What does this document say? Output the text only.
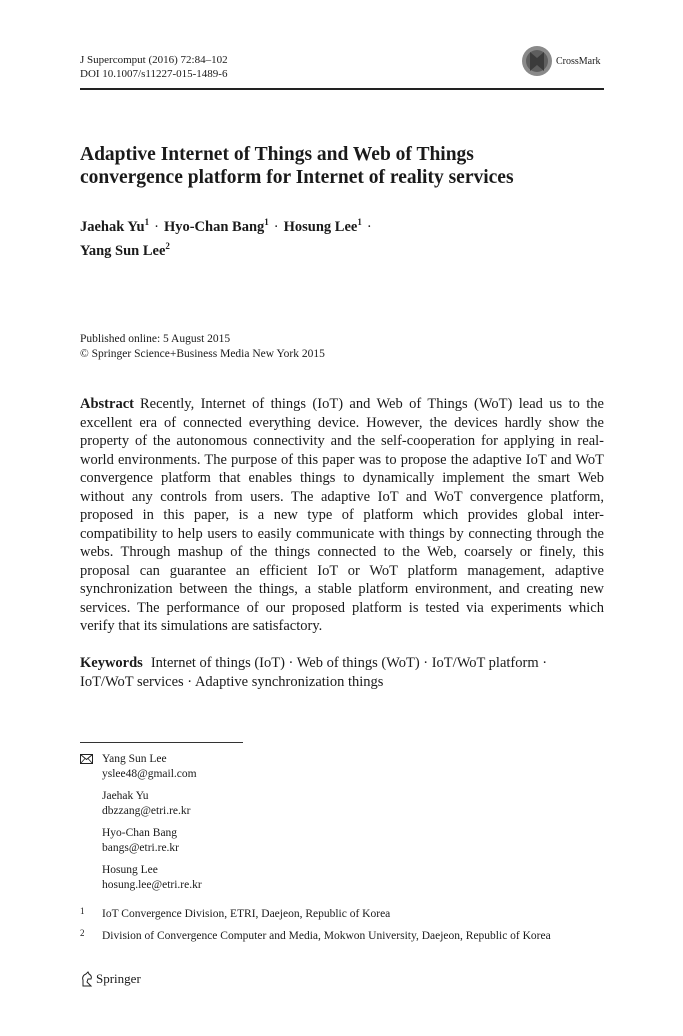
J Supercomput (2016) 72:84–102
DOI 10.1007/s11227-015-1489-6
CrossMark
Adaptive Internet of Things and Web of Things
convergence platform for Internet of reality services
Jaehak $Yu^1$ · Hyo-Chan Bang$^1$ · Hosung Lee$^1$ ·
Yang Sun Lee$^2$
Published online: 5 August 2015
© Springer Science+Business Media New York 2015
Abstract Recently, Internet of things (IoT) and Web of Things (WoT) lead us to the excellent era of connected everything device. However, the devices hardly show the property of the autonomous connectivity and the self-cooperation for applying in real-world environments. The purpose of this paper was to propose the adaptive IoT and WoT convergence platform that enables things to dynamically implement the smart Web without any controls from users. The adaptive IoT and WoT convergence platform, proposed in this paper, is a new type of platform which provides global inter-compatibility to help users to easily communicate with things by connecting through the webs. Through mashup of the things connected to the Web, coarsely or finely, this proposal can guarantee an efficient IoT or WoT platform management, adaptive synchronization between the things, a stable platform environment, and creating new services. The performance of our proposed platform is tested via experiments which verify that its simulations are satisfactory.
Keywords Internet of things (IoT) · Web of things (WoT) · IoT/WoT platform · IoT/WoT services · Adaptive synchronization things
Yang Sun Lee
yslee48@gmail.com
Jaehak Yu
dbzzang@etri.re.kr
Hyo-Chan Bang
bangs@etri.re.kr
Hosung Lee
hosung.lee@etri.re.kr
1 IoT Convergence Division, ETRI, Daejeon, Republic of Korea
2 Division of Convergence Computer and Media, Mokwon University, Daejeon, Republic of Korea
Springer
